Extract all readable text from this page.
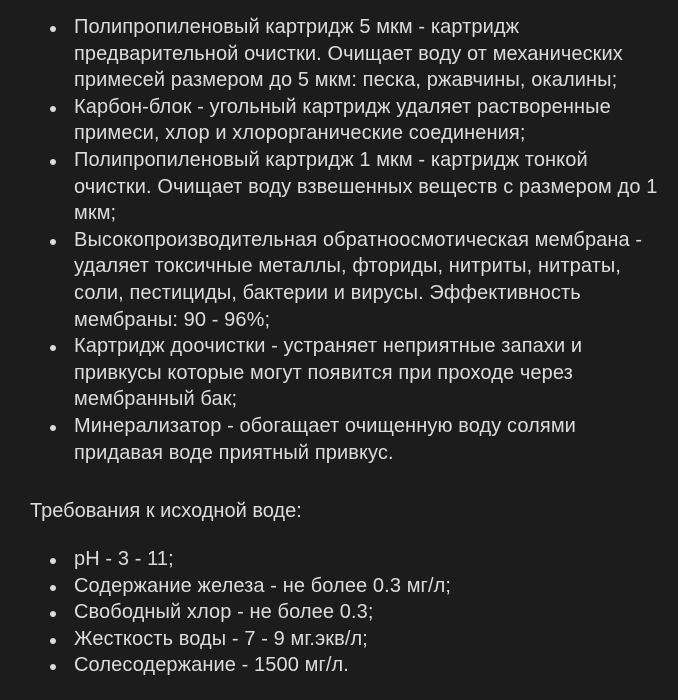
Полипропиленовый картридж 5 мкм - картридж предварительной очистки. Очищает воду от механических примесей размером до 5 мкм: песка, ржавчины, окалины;
Карбон-блок - угольный картридж удаляет растворенные примеси, хлор и хлорорганические соединения;
Полипропиленовый картридж 1 мкм - картридж тонкой очистки. Очищает воду взвешенных веществ с размером до 1 мкм;
Высокопроизводительная обратноосмотическая мембрана - удаляет токсичные металлы, фториды, нитриты, нитраты, соли, пестициды, бактерии и вирусы. Эффективность мембраны: 90 - 96%;
Картридж доочистки - устраняет неприятные запахи и привкусы которые могут появится при проходе через мембранный бак;
Минерализатор - обогащает очищенную воду солями придавая воде приятный привкус.

Требования к исходной воде:

pH - 3 - 11;
Содержание железа - не более 0.3 мг/л;
Свободный хлор - не более 0.3;
Жесткость воды - 7 - 9 мг.экв/л;
Солесодержание - 1500 мг/л.
